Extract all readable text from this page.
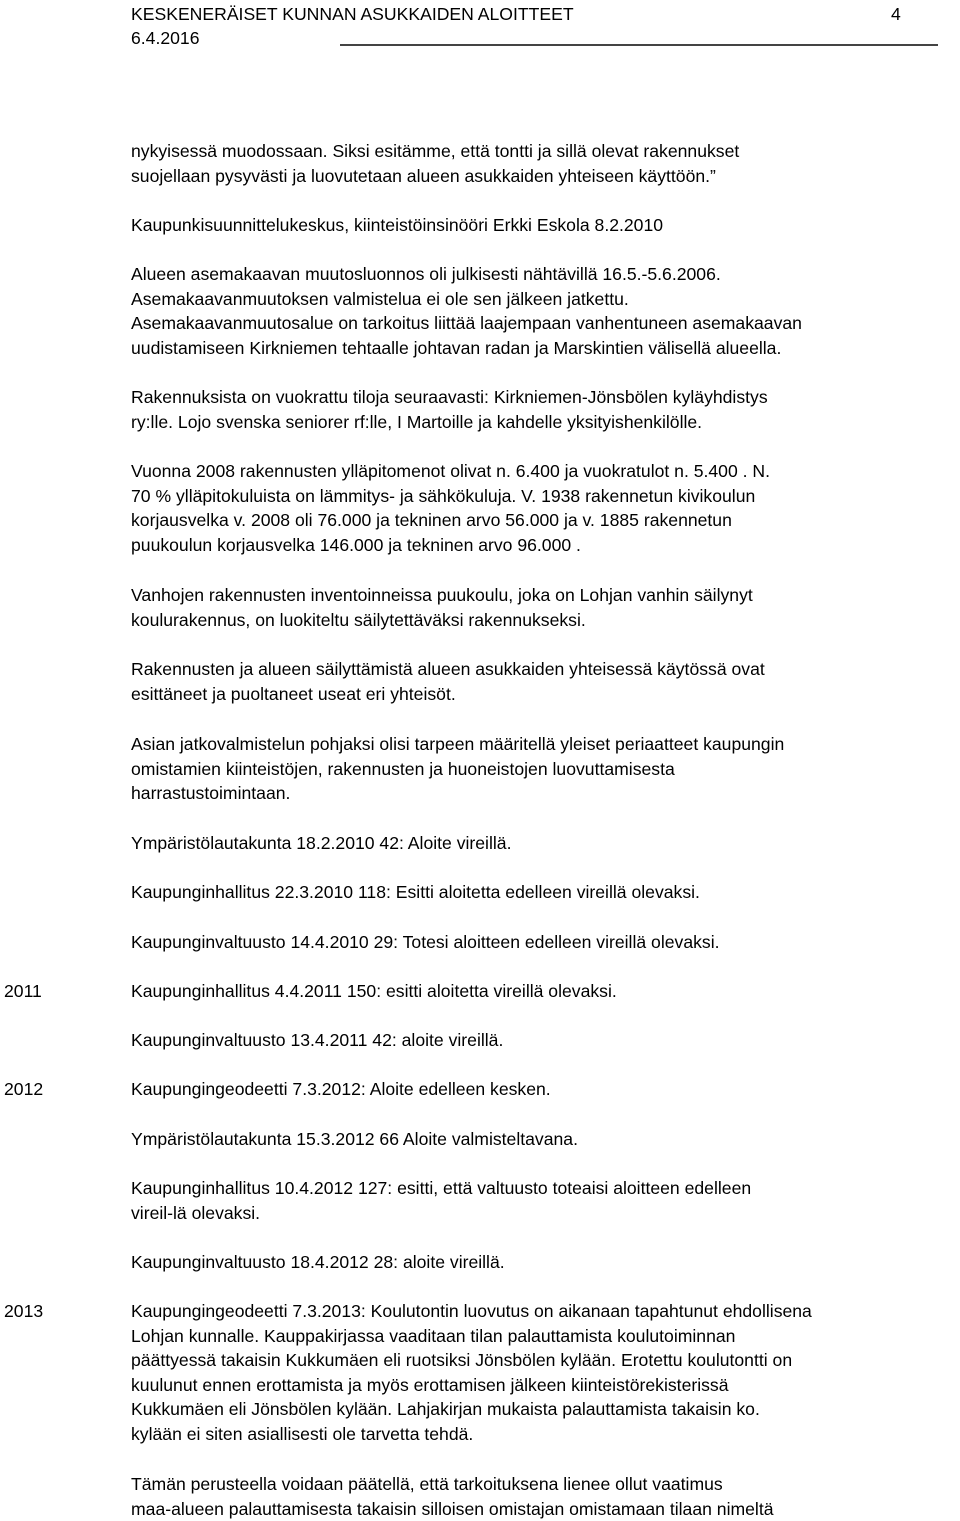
KESKENERÄISET KUNNAN ASUKKAIDEN ALOITTEET	4
6.4.2016

nykyisessä muodossaan. Siksi esitämme, että tontti ja sillä olevat rakennukset
suojellaan pysyvästi ja luovutetaan alueen asukkaiden yhteiseen käyttöön.”

Kaupunkisuunnittelukeskus, kiinteistöinsinööri Erkki Eskola 8.2.2010

Alueen asemakaavan muutosluonnos oli julkisesti nähtävillä 16.5.-5.6.2006.
Asemakaavanmuutoksen valmistelua ei ole sen jälkeen jatkettu.
Asemakaavanmuutosalue on tarkoitus liittää laajempaan vanhentuneen asemakaavan
uudistamiseen Kirkniemen tehtaalle johtavan radan ja Marskintien välisellä alueella.

Rakennuksista on vuokrattu tiloja seuraavasti: Kirkniemen-Jönsbölen kyläyhdistys
ry:lle. Lojo svenska seniorer rf:lle, I Martoille ja kahdelle yksityishenkilölle.

Vuonna 2008 rakennusten ylläpitomenot olivat n. 6.400 ja vuokratulot n. 5.400 . N.
70 % ylläpitokuluista on lämmitys- ja sähkökuluja. V. 1938 rakennetun kivikoulun
korjausvelka v. 2008 oli 76.000 ja tekninen arvo 56.000 ja v. 1885 rakennetun
puukoulun korjausvelka 146.000 ja tekninen arvo 96.000 .

Vanhojen rakennusten inventoinneissa puukoulu, joka on Lohjan vanhin säilynyt
koulurakennus, on luokiteltu säilytettäväksi rakennukseksi.

Rakennusten ja alueen säilyttämistä alueen asukkaiden yhteisessä käytössä ovat
esittäneet ja puoltaneet useat eri yhteisöt.

Asian jatkovalmistelun pohjaksi olisi tarpeen määritellä yleiset periaatteet kaupungin
omistamien kiinteistöjen, rakennusten ja huoneistojen luovuttamisesta
harrastustoimintaan.

Ympäristölautakunta 18.2.2010 42: Aloite vireillä.

Kaupunginhallitus 22.3.2010 118: Esitti aloitetta edelleen vireillä olevaksi.

Kaupunginvaltuusto 14.4.2010 29: Totesi aloitteen edelleen vireillä olevaksi.

2011	Kaupunginhallitus 4.4.2011 150: esitti aloitetta vireillä olevaksi.

Kaupunginvaltuusto 13.4.2011 42: aloite vireillä.

2012	Kaupungingeodeetti 7.3.2012: Aloite edelleen kesken.

Ympäristölautakunta 15.3.2012 66 Aloite valmisteltavana.

Kaupunginhallitus 10.4.2012 127: esitti, että valtuusto toteaisi aloitteen edelleen
vireil-lä olevaksi.

Kaupunginvaltuusto 18.4.2012 28: aloite vireillä.

2013	Kaupungingeodeetti 7.3.2013: Koulutontin luovutus on aikanaan tapahtunut ehdollisena
Lohjan kunnalle. Kauppakirjassa vaaditaan tilan palauttamista koulutoiminnan
päättyessä takaisin Kukkumäen eli ruotsiksi Jönsbölen kylään. Erotettu koulutontti on
kuulunut ennen erottamista ja myös erottamisen jälkeen kiinteistörekisterissä
Kukkumäen eli Jönsbölen kylään. Lahjakirjan mukaista palauttamista takaisin ko.
kylään ei siten asiallisesti ole tarvetta tehdä.

Tämän perusteella voidaan päätellä, että tarkoituksena lienee ollut vaatimus
maa-alueen palauttamisesta takaisin silloisen omistajan omistamaan tilaan nimeltä
